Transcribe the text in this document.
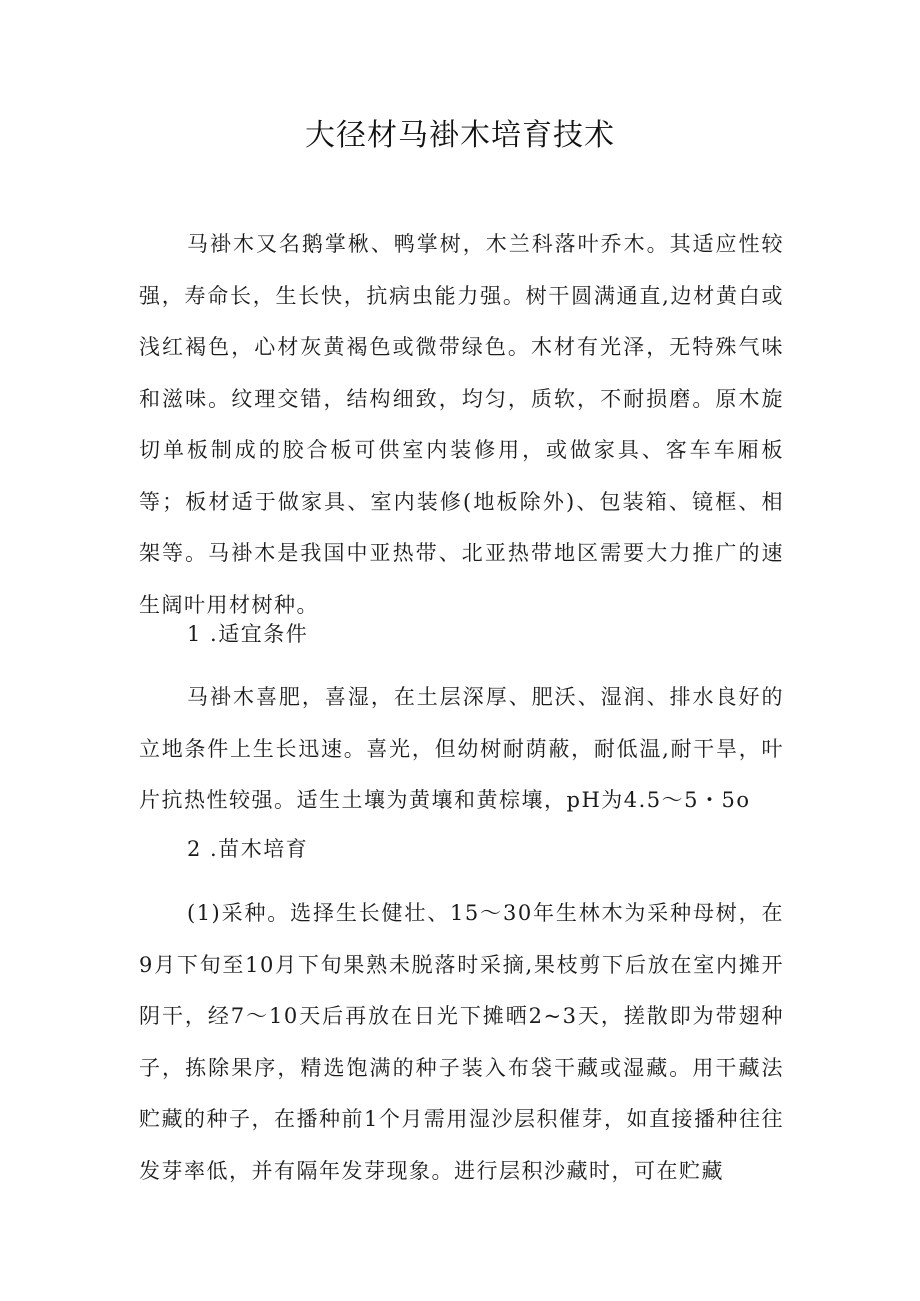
大径材马褂木培育技术

马褂木又名鹅掌楸、鸭掌树，木兰科落叶乔木。其适应性较强，寿命长，生长快，抗病虫能力强。树干圆满通直,边材黄白或浅红褐色，心材灰黄褐色或微带绿色。木材有光泽，无特殊气味和滋味。纹理交错，结构细致，均匀，质软，不耐损磨。原木旋切单板制成的胶合板可供室内装修用，或做家具、客车车厢板等；板材适于做家具、室内装修(地板除外)、包装箱、镜框、相架等。马褂木是我国中亚热带、北亚热带地区需要大力推广的速生阔叶用材树种。

1 .适宜条件

马褂木喜肥，喜湿，在土层深厚、肥沃、湿润、排水良好的立地条件上生长迅速。喜光，但幼树耐荫蔽，耐低温,耐干旱，叶片抗热性较强。适生土壤为黄壤和黄棕壤，pH为4.5〜5・5o

2 .苗木培育

(1)采种。选择生长健壮、15〜30年生林木为采种母树，在9月下旬至10月下旬果熟未脱落时采摘,果枝剪下后放在室内摊开阴干，经7〜10天后再放在日光下摊晒2~3天，搓散即为带翅种子，拣除果序，精选饱满的种子装入布袋干藏或湿藏。用干藏法贮藏的种子，在播种前1个月需用湿沙层积催芽，如直接播种往往发芽率低，并有隔年发芽现象。进行层积沙藏时，可在贮藏
